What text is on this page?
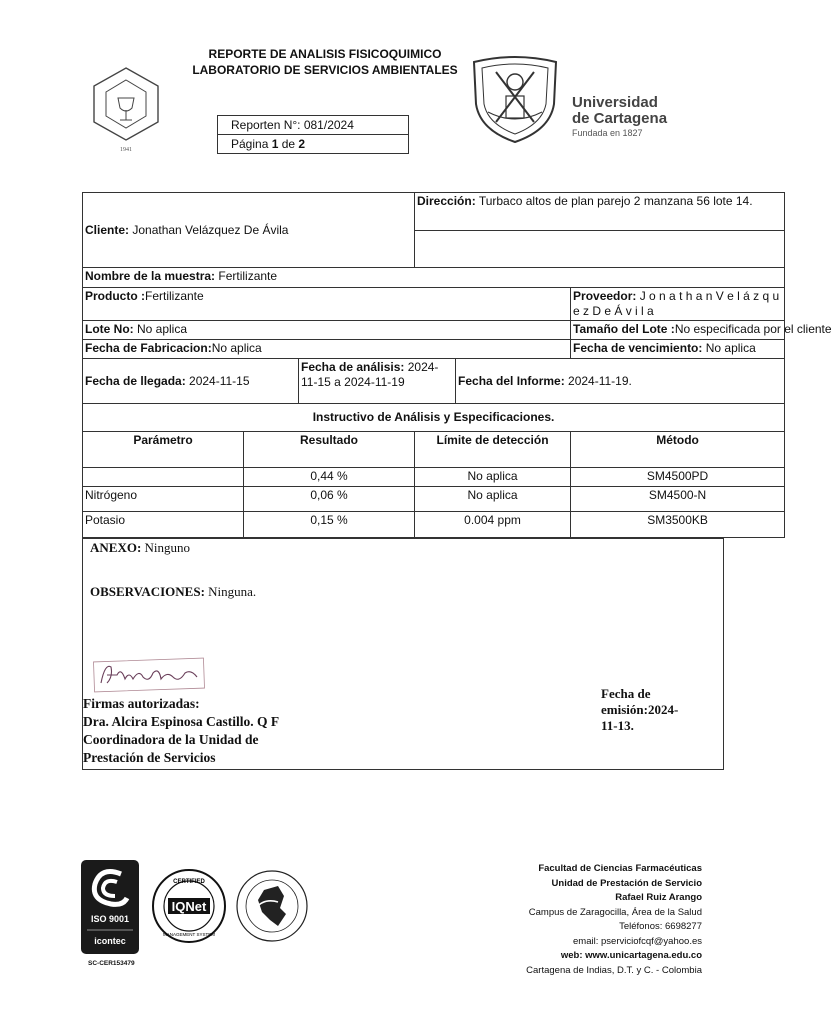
REPORTE DE ANALISIS FISICOQUIMICO
LABORATORIO DE SERVICIOS AMBIENTALES
1941
Reporten N°: 081/2024
Página 1 de 2
Universidad
de Cartagena
Fundada en 1827
Cliente: Jonathan Velázquez De Ávila			Dirección: Turbaco altos de plan parejo 2 manzana 56 lote 14.		

Nombre de la muestra: Fertilizante					
Producto :Fertilizante					Proveedor: J o n a t h a n V e l á z q u e z D e Á v i l a
Lote No: No aplica					Tamaño del Lote :No especificada por el cliente
Fecha de Fabricacion:No aplica					Fecha de vencimiento: No aplica
Fecha de llegada: 2024-11-15		Fecha de análisis: 2024-11-15 a 2024-11-19		Fecha del Informe: 2024-11-19.	
Instructivo de Análisis y Especificaciones.					
Parámetro	Resultado		Límite de detección		Método
	0,44 %		No aplica		SM4500PD
Nitrógeno	0,06 %		No aplica		SM4500-N
Potasio	0,15 %		0.004 ppm		SM3500KB
ANEXO: Ninguno
OBSERVACIONES: Ninguna.
Firmas autorizadas:
Dra. Alcira Espinosa Castillo. Q F
Coordinadora de la Unidad de
Prestación de Servicios
Fecha de
emisión:2024-
11-13.
ISO 9001
icontec
SC-CER153479
CERTIFIED
IQNet
MANAGEMENT SYSTEM
Facultad de Ciencias Farmacéuticas
Unidad de Prestación de Servicio
Rafael Ruiz Arango
Campus de Zaragocilla, Área de la Salud
Teléfonos: 6698277
email: pserviciofcqf@yahoo.es
web: www.unicartagena.edu.co
Cartagena de Indias, D.T. y C. - Colombia
